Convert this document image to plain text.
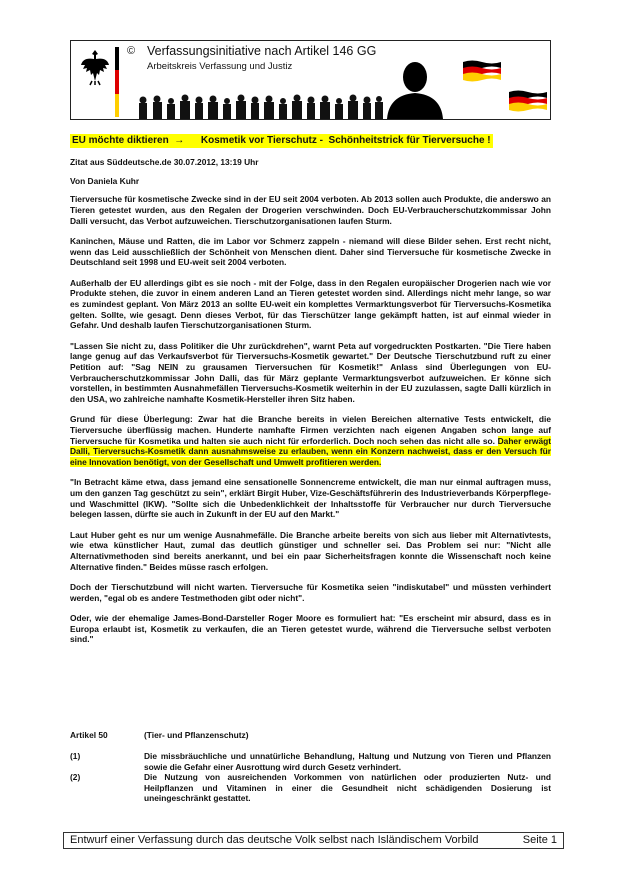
© Verfassungsinitiative nach Artikel 146 GG
Arbeitskreis Verfassung und Justiz
EU möchte diktieren  →      Kosmetik vor Tierschutz -  Schönheitstrick für Tierversuche !

Zitat aus Süddeutsche.de 30.07.2012, 13:19 Uhr

Von Daniela Kuhr

Tierversuche für kosmetische Zwecke sind in der EU seit 2004 verboten. Ab 2013 sollen auch Produkte, die anderswo an Tieren getestet wurden, aus den Regalen der Drogerien verschwinden. Doch EU-Verbraucherschutzkommissar John Dalli versucht, das Verbot aufzuweichen. Tierschutzorganisationen laufen Sturm.

Kaninchen, Mäuse und Ratten, die im Labor vor Schmerz zappeln - niemand will diese Bilder sehen. Erst recht nicht, wenn das Leid ausschließlich der Schönheit von Menschen dient. Daher sind Tierversuche für kosmetische Zwecke in Deutschland seit 1998 und EU-weit seit 2004 verboten.

Außerhalb der EU allerdings gibt es sie noch - mit der Folge, dass in den Regalen europäischer Drogerien nach wie vor Produkte stehen, die zuvor in einem anderen Land an Tieren getestet worden sind. Allerdings nicht mehr lange, so war es zumindest geplant. Von März 2013 an sollte EU-weit ein komplettes Vermarktungsverbot für Tierversuchs-Kosmetika gelten. Sollte, wie gesagt. Denn dieses Verbot, für das Tierschützer lange gekämpft hatten, ist auf einmal wieder in Gefahr. Und deshalb laufen Tierschutzorganisationen Sturm.

"Lassen Sie nicht zu, dass Politiker die Uhr zurückdrehen", warnt Peta auf vorgedruckten Postkarten. "Die Tiere haben lange genug auf das Verkaufsverbot für Tierversuchs-Kosmetik gewartet." Der Deutsche Tierschutzbund ruft zu einer Petition auf: "Sag NEIN zu grausamen Tierversuchen für Kosmetik!" Anlass sind Überlegungen von EU-Verbraucherschutzkommissar John Dalli, das für März geplante Vermarktungsverbot aufzuweichen. Er könne sich vorstellen, in bestimmten Ausnahmefällen Tierversuchs-Kosmetik weiterhin in der EU zuzulassen, sagte Dalli kürzlich in den USA, wo zahlreiche namhafte Kosmetik-Hersteller ihren Sitz haben.

Grund für diese Überlegung: Zwar hat die Branche bereits in vielen Bereichen alternative Tests entwickelt, die Tierversuche überflüssig machen. Hunderte namhafte Firmen verzichten nach eigenen Angaben schon lange auf Tierversuche für Kosmetika und halten sie auch nicht für erforderlich. Doch noch sehen das nicht alle so. Daher erwägt Dalli, Tierversuchs-Kosmetik dann ausnahmsweise zu erlauben, wenn ein Konzern nachweist, dass er den Versuch für eine Innovation benötigt, von der Gesellschaft und Umwelt profitieren werden.

"In Betracht käme etwa, dass jemand eine sensationelle Sonnencreme entwickelt, die man nur einmal auftragen muss, um den ganzen Tag geschützt zu sein", erklärt Birgit Huber, Vize-Geschäftsführerin des Industrieverbands Körperpflege- und Waschmittel (IKW). "Sollte sich die Unbedenklichkeit der Inhaltsstoffe für Verbraucher nur durch Tierversuche belegen lassen, dürfte sie auch in Zukunft in der EU auf den Markt."

Laut Huber geht es nur um wenige Ausnahmefälle. Die Branche arbeite bereits von sich aus lieber mit Alternativtests, wie etwa künstlicher Haut, zumal das deutlich günstiger und schneller sei. Das Problem sei nur: "Nicht alle Alternativmethoden sind bereits anerkannt, und bei ein paar Sicherheitsfragen konnte die Wissenschaft noch keine Alternative finden." Beides müsse rasch erfolgen.

Doch der Tierschutzbund will nicht warten. Tierversuche für Kosmetika seien "indiskutabel" und müssten verhindert werden, "egal ob es andere Testmethoden gibt oder nicht".

Oder, wie der ehemalige James-Bond-Darsteller Roger Moore es formuliert hat: "Es erscheint mir absurd, dass es in Europa erlaubt ist, Kosmetik zu verkaufen, die an Tieren getestet wurde, während die Tierversuche selbst verboten sind."

Artikel 50	(Tier- und Pflanzenschutz)
(1)	Die missbräuchliche und unnatürliche Behandlung, Haltung und Nutzung von Tieren und Pflanzen sowie die Gefahr einer Ausrottung wird durch Gesetz verhindert.
(2)	Die Nutzung von ausreichenden Vorkommen von natürlichen oder produzierten Nutz- und Heilpflanzen und Vitaminen in einer die Gesundheit nicht schädigenden Dosierung ist uneingeschränkt gestattet.
Entwurf einer Verfassung durch das deutsche Volk selbst nach Isländischem Vorbild	Seite 1
